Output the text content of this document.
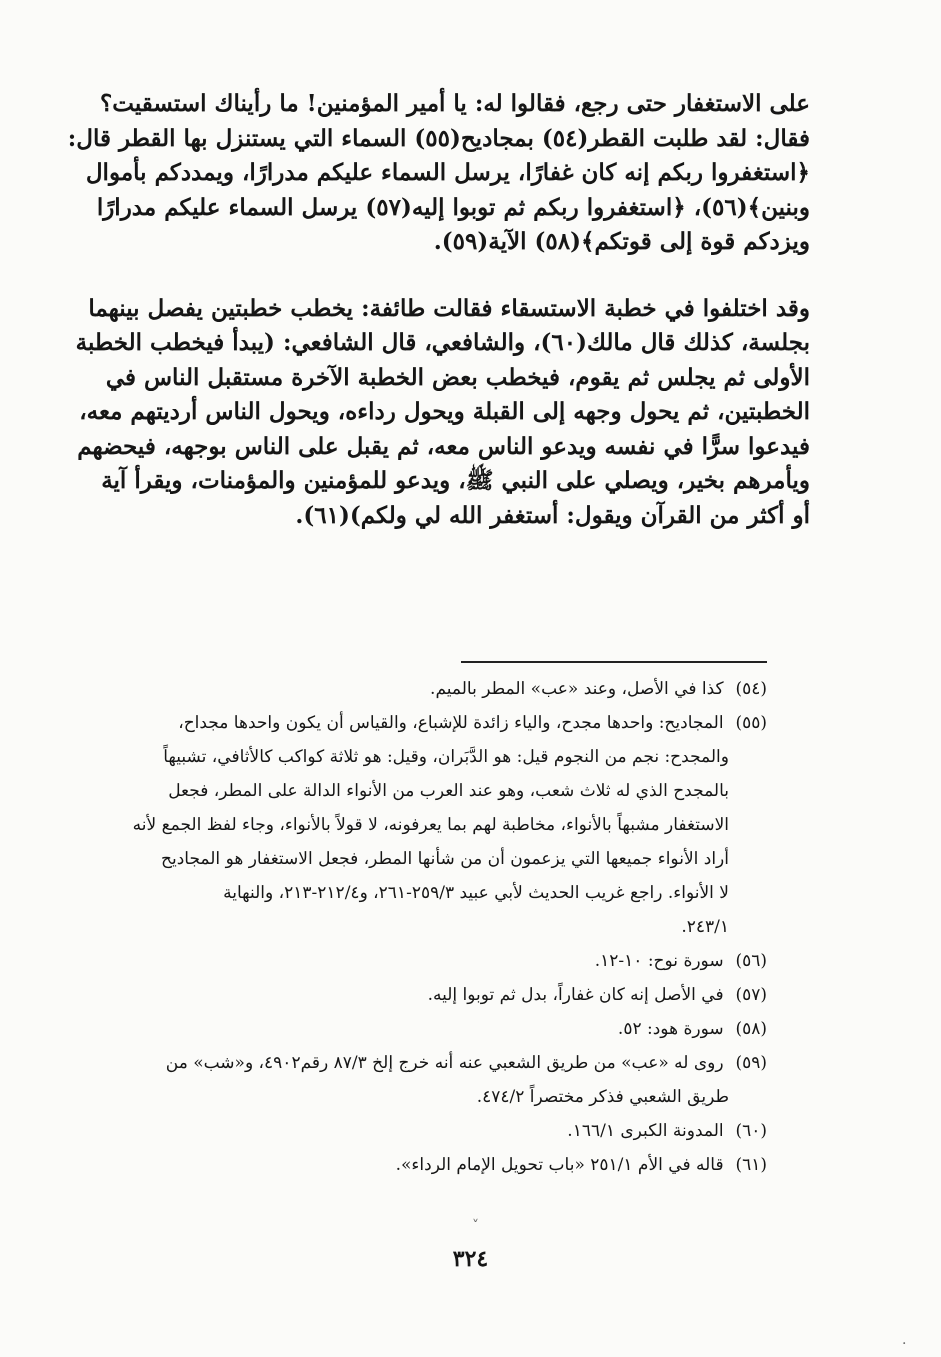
على الاستغفار حتى رجع، فقالوا له: يا أمير المؤمنين! ما رأيناك استسقيت؟
فقال: لقد طلبت القطر(٥٤) بمجاديح(٥٥) السماء التي يستنزل بها القطر قال:
﴿استغفروا ربكم إنه كان غفارًا، يرسل السماء عليكم مدرارًا، ويمددكم بأموال
وبنين﴾(٥٦)، ﴿استغفروا ربكم ثم توبوا إليه(٥٧) يرسل السماء عليكم مدرارًا
ويزدكم قوة إلى قوتكم﴾(٥٨) الآية(٥٩).
وقد اختلفوا في خطبة الاستسقاء فقالت طائفة: يخطب خطبتين يفصل بينهما
بجلسة، كذلك قال مالك(٦٠)، والشافعي، قال الشافعي: (يبدأ فيخطب الخطبة
الأولى ثم يجلس ثم يقوم، فيخطب بعض الخطبة الآخرة مستقبل الناس في
الخطبتين، ثم يحول وجهه إلى القبلة ويحول رداءه، ويحول الناس أرديتهم معه،
فيدعوا سرًّا في نفسه ويدعو الناس معه، ثم يقبل على الناس بوجهه، فيحضهم
ويأمرهم بخير، ويصلي على النبي ﷺ، ويدعو للمؤمنين والمؤمنات، ويقرأ آية
أو أكثر من القرآن ويقول: أستغفر الله لي ولكم)(٦١).
(٥٤) كذا في الأصل، وعند «عب» المطر بالميم.
(٥٥) المجاديح: واحدها مجدح، والياء زائدة للإشباع، والقياس أن يكون واحدها مجداح،
والمجدح: نجم من النجوم قيل: هو الدَّبَران، وقيل: هو ثلاثة كواكب كالأثافي، تشبيهاً
بالمجدح الذي له ثلاث شعب، وهو عند العرب من الأنواء الدالة على المطر، فجعل
الاستغفار مشبهاً بالأنواء، مخاطبة لهم بما يعرفونه، لا قولاً بالأنواء، وجاء لفظ الجمع لأنه
أراد الأنواء جميعها التي يزعمون أن من شأنها المطر، فجعل الاستغفار هو المجاديح
لا الأنواء. راجع غريب الحديث لأبي عبيد ٢٥٩/٣-٢٦١، و٢١٢/٤-٢١٣، والنهاية
٢٤٣/١.
(٥٦) سورة نوح: ١٠-١٢.
(٥٧) في الأصل إنه كان غفاراً، بدل ثم توبوا إليه.
(٥٨) سورة هود: ٥٢.
(٥٩) روى له «عب» من طريق الشعبي عنه أنه خرج إلخ ٨٧/٣ رقم٤٩٠٢، و«شب» من
طريق الشعبي فذكر مختصراً ٤٧٤/٢.
(٦٠) المدونة الكبرى ١٦٦/١.
(٦١) قاله في الأم ٢٥١/١ «باب تحويل الإمام الرداء».
٣٢٤
˅
·
